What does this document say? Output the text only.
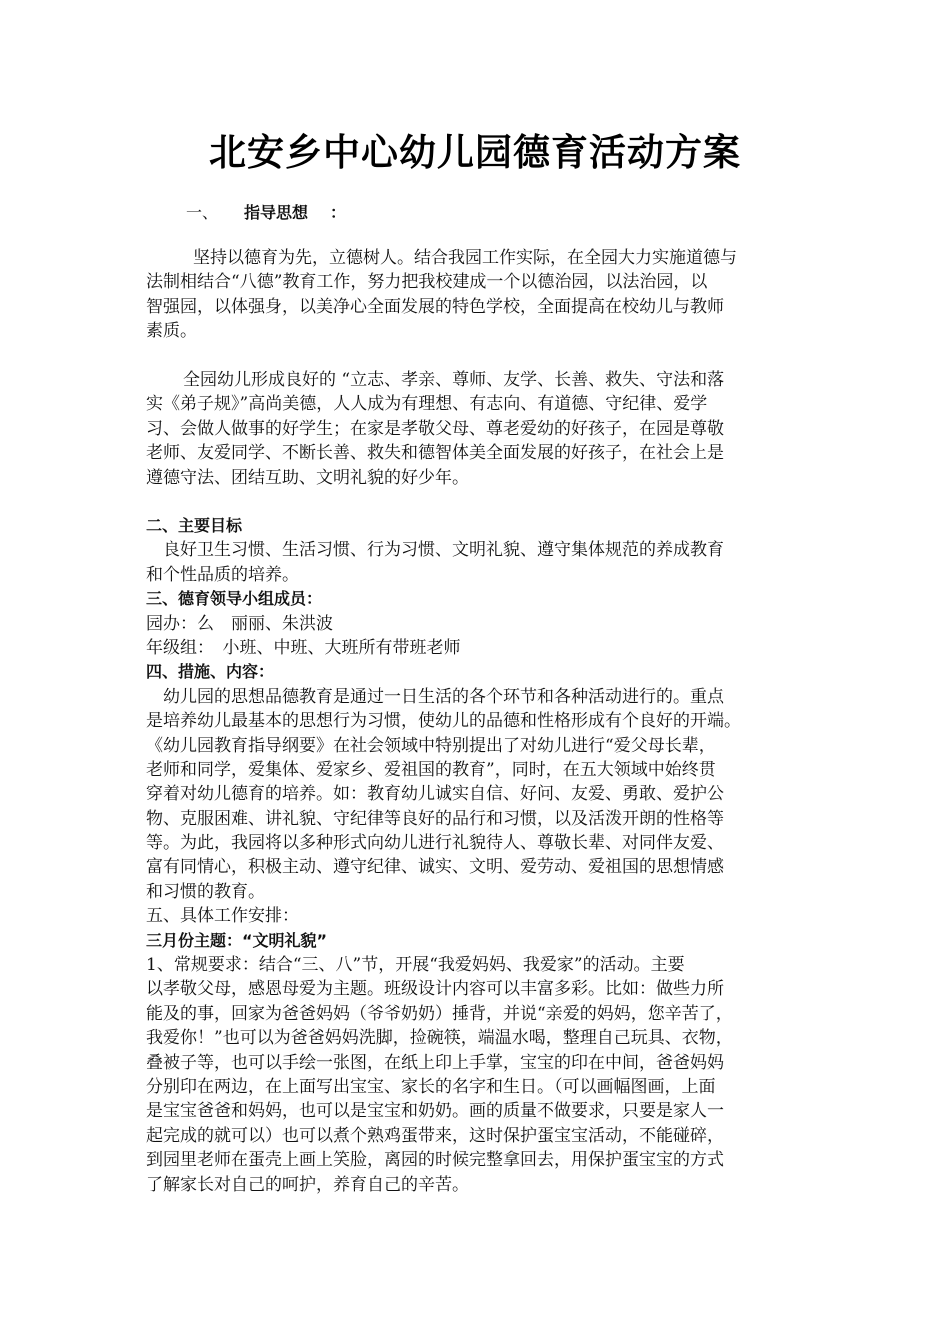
北安乡中心幼儿园德育活动方案
一、 指导思想 ：
　坚持以德育为先，立德树人。结合我园工作实际，在全园大力实施道德与
法制相结合“八德”教育工作，努力把我校建成一个以德治园，以法治园，以
智强园，以体强身，以美净心全面发展的特色学校，全面提高在校幼儿与教师
素质。
　全园幼儿形成良好的 “立志、孝亲、尊师、友学、长善、救失、守法和落
实《弟子规》”高尚美德，人人成为有理想、有志向、有道德、守纪律、爱学
习、会做人做事的好学生；在家是孝敬父母、尊老爱幼的好孩子，在园是尊敬
老师、友爱同学、不断长善、救失和德智体美全面发展的好孩子，在社会上是
遵德守法、团结互助、文明礼貌的好少年。
二、主要目标
　良好卫生习惯、生活习惯、行为习惯、文明礼貌、遵守集体规范的养成教育
和个性品质的培养。
三、德育领导小组成员：
园办：么　丽丽、朱洪波
年级组：　小班、中班、大班所有带班老师
四、措施、内容：
　幼儿园的思想品德教育是通过一日生活的各个环节和各种活动进行的。重点
是培养幼儿最基本的思想行为习惯，使幼儿的品德和性格形成有个良好的开端。
《幼儿园教育指导纲要》在社会领域中特别提出了对幼儿进行“爱父母长辈，
老师和同学，爱集体、爱家乡、爱祖国的教育”，同时，在五大领域中始终贯
穿着对幼儿德育的培养。如：教育幼儿诚实自信、好问、友爱、勇敢、爱护公
物、克服困难、讲礼貌、守纪律等良好的品行和习惯，以及活泼开朗的性格等
等。为此，我园将以多种形式向幼儿进行礼貌待人、尊敬长辈、对同伴友爱、
富有同情心，积极主动、遵守纪律、诚实、文明、爱劳动、爱祖国的思想情感
和习惯的教育。
五、具体工作安排：
三月份主题：“文明礼貌”
1、常规要求：结合“三、八”节，开展“我爱妈妈、我爱家”的活动。主要
以孝敬父母，感恩母爱为主题。班级设计内容可以丰富多彩。比如：做些力所
能及的事，回家为爸爸妈妈（爷爷奶奶）捶背，并说“亲爱的妈妈，您辛苦了，
我爱你！”也可以为爸爸妈妈洗脚，捡碗筷，端温水喝，整理自己玩具、衣物，
叠被子等，也可以手绘一张图，在纸上印上手掌，宝宝的印在中间，爸爸妈妈
分别印在两边，在上面写出宝宝、家长的名字和生日。（可以画幅图画，上面
是宝宝爸爸和妈妈，也可以是宝宝和奶奶。画的质量不做要求，只要是家人一
起完成的就可以）也可以煮个熟鸡蛋带来，这时保护蛋宝宝活动，不能碰碎，
到园里老师在蛋壳上画上笑脸，离园的时候完整拿回去，用保护蛋宝宝的方式
了解家长对自己的呵护，养育自己的辛苦。
